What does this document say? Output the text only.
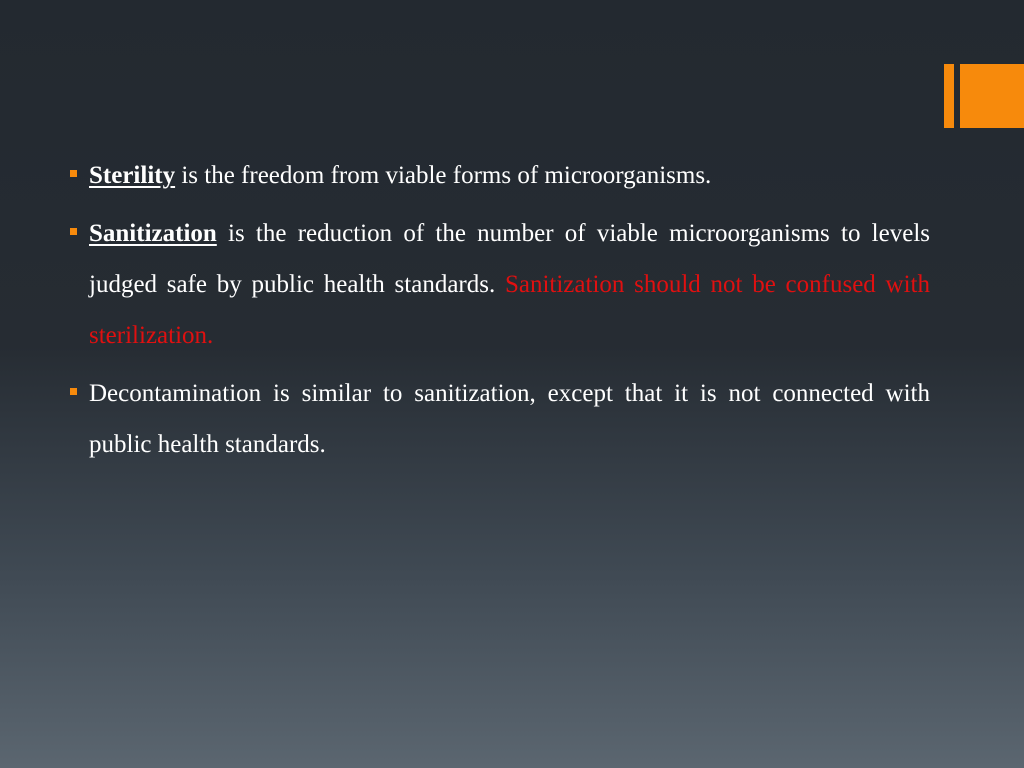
Sterility is the freedom from viable forms of microorganisms.
Sanitization is the reduction of the number of viable microorganisms to levels judged safe by public health standards. Sanitization should not be confused with sterilization.
Decontamination is similar to sanitization, except that it is not connected with public health standards.
